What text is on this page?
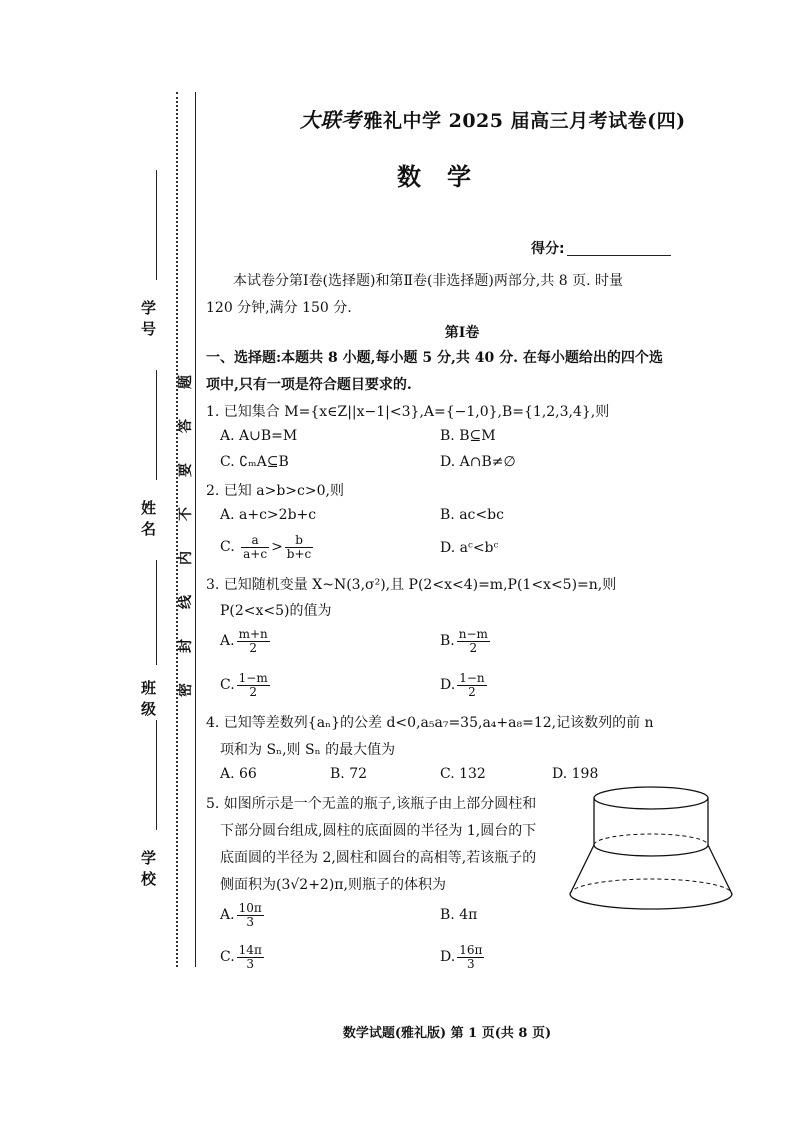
学号
姓名
班级
学校
密
封
线
内
不
要
答
题
大联考 雅礼中学 2025 届高三月考试卷(四)
数学
得分:
本试卷分第Ⅰ卷(选择题)和第Ⅱ卷(非选择题)两部分,共 8 页. 时量
120 分钟,满分 150 分.
第Ⅰ卷
一、选择题:本题共 8 小题,每小题 5 分,共 40 分. 在每小题给出的四个选
项中,只有一项是符合题目要求的.
1. 已知集合 M={x∈Z||x−1|<3},A={−1,0},B={1,2,3,4},则
A. A∪B=M	B. B⊆M
C. ∁ₘA⊆B	D. A∩B≠∅
2. 已知 a>b>c>0,则
A. a+c>2b+c	B. ac<bc
C. $\frac{a}{a+c} > \frac{b}{b+c}$	D. aᶜ<bᶜ
3. 已知随机变量 X~N(3,σ²),且 P(2<x<4)=m,P(1<x<5)=n,则
P(2<x<5)的值为
A. $\frac{m+n}{2}$	B. $\frac{n-m}{2}$
C. $\frac{1-m}{2}$	D. $\frac{1-n}{2}$
4. 已知等差数列{aₙ}的公差 d<0,a₅a₇=35,a₄+a₈=12,记该数列的前 n
项和为 Sₙ,则 Sₙ 的最大值为
A. 66	B. 72	C. 132	D. 198
5. 如图所示是一个无盖的瓶子,该瓶子由上部分圆柱和
下部分圆台组成,圆柱的底面圆的半径为 1,圆台的下
底面圆的半径为 2,圆柱和圆台的高相等,若该瓶子的
侧面积为(3√2+2)π,则瓶子的体积为
A. $\frac{10\pi}{3}$	B. 4π
C. $\frac{14\pi}{3}$	D. $\frac{16\pi}{3}$
数学试题(雅礼版) 第 1 页(共 8 页)
